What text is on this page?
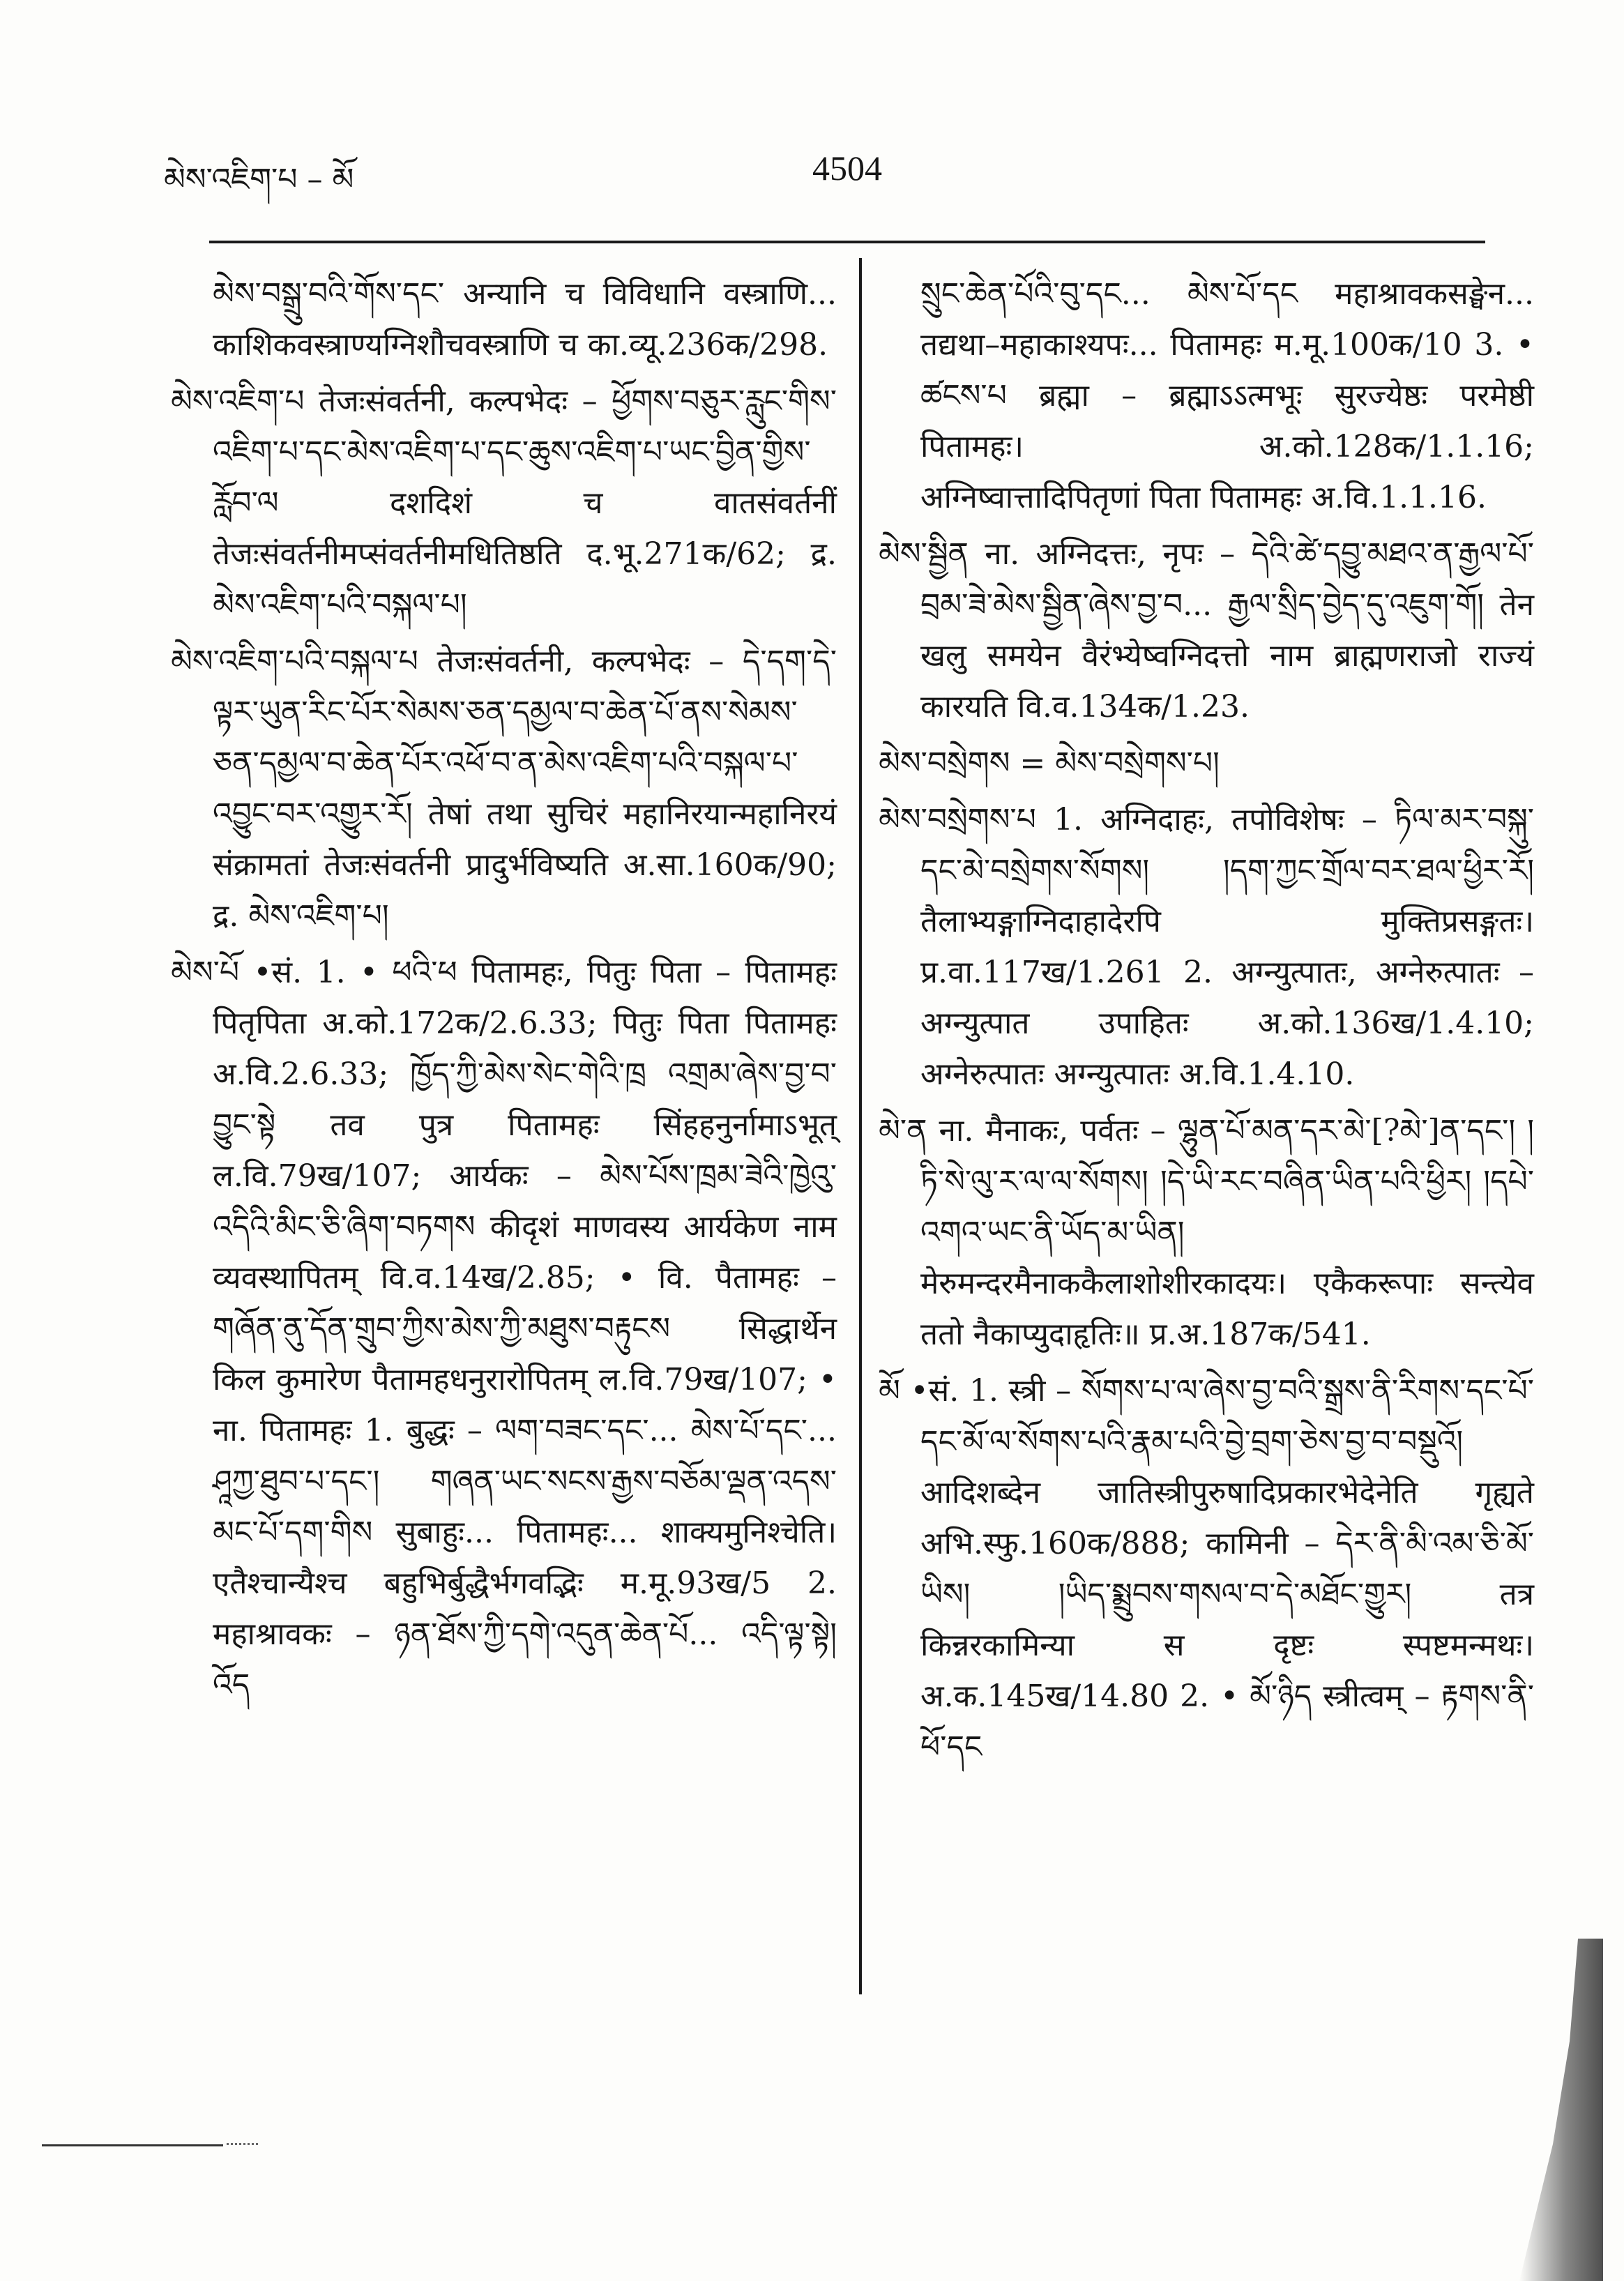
མེས་འཇིག་པ – མོ	4504

མེས་བསྒྲུ་བའི་གོས་དང་ अन्यानि च विविधानि वस्त्राणि... काशिकवस्त्राण्यग्निशौचवस्त्राणि च का.व्यू.236क/298.

མེས་འཇིག་པ तेजःसंवर्तनी, कल्पभेदः – ཕྱོགས་བཅུར་རླུང་གིས་འཇིག་པ་དང་མེས་འཇིག་པ་དང་ཆུས་འཇིག་པ་ཡང་བྱིན་གྱིས་རློབ་ལ दशदिशं च वातसंवर्तनीं तेजःसंवर्तनीमप्संवर्तनीमधितिष्ठति द.भू.271क/62; द्र. མེས་འཇིག་པའི་བསྐལ་པ།

མེས་འཇིག་པའི་བསྐལ་པ तेजःसंवर्तनी, कल्पभेदः – དེ་དག་དེ་ལྟར་ཡུན་རིང་པོར་སེམས་ཅན་དམྱལ་བ་ཆེན་པོ་ནས་སེམས་ཅན་དམྱལ་བ་ཆེན་པོར་འཕོ་བ་ན་མེས་འཇིག་པའི་བསྐལ་པ་འབྱུང་བར་འགྱུར་རོ། तेषां तथा सुचिरं महानिरयान्महानिरयं संक्रामतां तेजःसंवर्तनी प्रादुर्भविष्यति अ.सा.160क/90; द्र. མེས་འཇིག་པ།

མེས་པོ •सं. 1. • ཕའི་ཕ पितामहः, पितुः पिता – पितामहः पितृपिता अ.को.172क/2.6.33; पितुः पिता पितामहः अ.वि.2.6.33; ཁྱོད་ཀྱི་མེས་སེང་གེའི་ཁྲ འགྲམ་ཞེས་བྱ་བ་བྱུང་སྟེ तव पुत्र पितामहः सिंहहनुर्नामाऽभूत् ल.वि.79ख/107; आर्यकः – མེས་པོས་ཁྲམ་ཟེའི་ཁྱེའུ་འདིའི་མིང་ཅི་ཞིག་བཏགས कीदृशं माणवस्य आर्यकेण नाम व्यवस्थापितम् वि.व.14ख/2.85; • वि. पैतामहः – གཞོན་ནུ་དོན་གྲུབ་ཀྱིས་མེས་ཀྱི་མཐུས་བརྟུངས सिद्धार्थेन किल कुमारेण पैतामहधनुरारोपितम् ल.वि.79ख/107; • ना. पितामहः 1. बुद्धः – ལག་བཟང་དང་... མེས་པོ་དང་... ཤཱཀྱ་ཐུབ་པ་དང་། གཞན་ཡང་སངས་རྒྱས་བཅོམ་ལྡན་འདས་མང་པོ་དག་གིས सुबाहुः... पितामहः... शाक्यमुनिश्चेति। एतैश्चान्यैश्च बहुभिर्बुद्धैर्भगवद्भिः म.मू.93ख/5 2. महाश्रावकः – ཉན་ཐོས་ཀྱི་དགེ་འདུན་ཆེན་པོ... འདི་ལྟ་སྟེ། འོད

སྲུང་ཆེན་པོའི་བུ་དང... མེས་པོ་དང महाश्रावकसङ्घेन... तद्यथा–महाकाश्यपः... पितामहः म.मू.100क/10 3. • ཚངས་པ ब्रह्मा – ब्रह्माऽऽत्मभूः सुरज्येष्ठः परमेष्ठी पितामहः। अ.को.128क/1.1.16; अग्निष्वात्तादिपितृणां पिता पितामहः अ.वि.1.1.16.

མེས་སྦྱིན ना. अग्निदत्तः, नृपः – དེའི་ཚེ་དབྱུ་མཐའ་ན་རྒྱལ་པོ་བྲམ་ཟེ་མེས་སྦྱིན་ཞེས་བྱ་བ... རྒྱལ་སྲིད་བྱེད་དུ་འཇུག་གོ། तेन खलु समयेन वैरंभ्येष्वग्निदत्तो नाम ब्राह्मणराजो राज्यं कारयति वि.व.134क/1.23.

མེས་བསྲེགས = མེས་བསྲེགས་པ།

མེས་བསྲེགས་པ 1. अग्निदाहः, तपोविशेषः – ཏིལ་མར་བསྐུ་དང་མེ་བསྲེགས་སོགས། །དག་ཀྱང་གྲོལ་བར་ཐལ་ཕྱིར་རོ། तैलाभ्यङ्गाग्निदाहादेरपि मुक्तिप्रसङ्गतः। प्र.वा.117ख/1.261 2. अग्न्युत्पातः, अग्नेरुत्पातः – अग्न्युत्पात उपाहितः अ.को.136ख/1.4.10; अग्नेरुत्पातः अग्न्युत्पातः अ.वि.1.4.10.

མེ་ན ना. मैनाकः, पर्वतः – ལྷུན་པོ་མན་དར་མེ་[?མེ་]ན་དང་། །ཏི་སེ་ལུ་ར་ལ་ལ་སོགས། །དེ་ཡི་རང་བཞིན་ཡིན་པའི་ཕྱིར། །དཔེ་འགའ་ཡང་ནི་ཡོད་མ་ཡིན། मेरुमन्दरमैनाककैलाशोशीरकादयः। एकैकरूपाः सन्त्येव ततो नैकाप्युदाहृतिः॥ प्र.अ.187क/541.

མོ •सं. 1. स्त्री – སོགས་པ་ལ་ཞེས་བྱ་བའི་སྒྲས་ནི་རིགས་དང་པོ་དང་མོ་ལ་སོགས་པའི་རྣམ་པའི་བྱེ་བྲག་ཅེས་བྱ་བ་བསྡུའོ། आदिशब्देन जातिस्त्रीपुरुषादिप्रकारभेदेनेति गृह्यते अभि.स्फु.160क/888; कामिनी – དེར་ནི་མི་འམ་ཅི་མོ་ཡིས། །ཡིད་སྨྲུབས་གསལ་བ་དེ་མཐོང་གྱུར། तत्र किन्नरकामिन्या स दृष्टः स्पष्टमन्मथः। अ.क.145ख/14.80 2. • མོ་ཉིད स्त्रीत्वम् – རྟགས་ནི་ཕོ་དང
